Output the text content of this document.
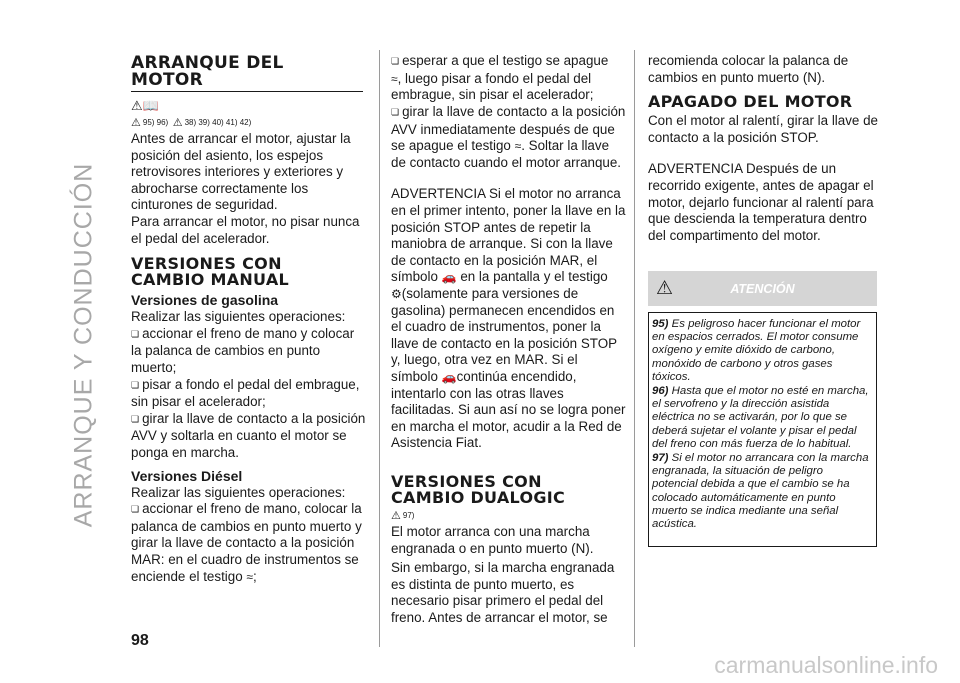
ARRANQUE Y CONDUCCIÓN
98
carmanualsonline.info
ARRANQUE DEL MOTOR
⚠📖
⚠ 95) 96) ⚠ 38) 39) 40) 41) 42)
Antes de arrancar el motor, ajustar la posición del asiento, los espejos retrovisores interiores y exteriores y abrocharse correctamente los cinturones de seguridad.
Para arrancar el motor, no pisar nunca el pedal del acelerador.
VERSIONES CON CAMBIO MANUAL
Versiones de gasolina
Realizar las siguientes operaciones:
❏ accionar el freno de mano y colocar la palanca de cambios en punto muerto;
❏ pisar a fondo el pedal del embrague, sin pisar el acelerador;
❏ girar la llave de contacto a la posición AVV y soltarla en cuanto el motor se ponga en marcha.
Versiones Diésel
Realizar las siguientes operaciones:
❏ accionar el freno de mano, colocar la palanca de cambios en punto muerto y girar la llave de contacto a la posición MAR: en el cuadro de instrumentos se enciende el testigo ≈;
❏ esperar a que el testigo se apague
≈, luego pisar a fondo el pedal del embrague, sin pisar el acelerador;
❏ girar la llave de contacto a la posición AVV inmediatamente después de que se apague el testigo ≈. Soltar la llave de contacto cuando el motor arranque.
ADVERTENCIA Si el motor no arranca en el primer intento, poner la llave en la posición STOP antes de repetir la maniobra de arranque. Si con la llave de contacto en la posición MAR, el símbolo 🚗 en la pantalla y el testigo
⚙(solamente para versiones de gasolina) permanecen encendidos en el cuadro de instrumentos, poner la llave de contacto en la posición STOP y, luego, otra vez en MAR. Si el símbolo 🚗continúa encendido, intentarlo con las otras llaves facilitadas. Si aun así no se logra poner en marcha el motor, acudir a la Red de Asistencia Fiat.
VERSIONES CON CAMBIO DUALOGIC
⚠ 97)
El motor arranca con una marcha engranada o en punto muerto (N).
Sin embargo, si la marcha engranada es distinta de punto muerto, es necesario pisar primero el pedal del freno. Antes de arrancar el motor, se
recomienda colocar la palanca de cambios en punto muerto (N).
APAGADO DEL MOTOR
Con el motor al ralentí, girar la llave de contacto a la posición STOP.
ADVERTENCIA Después de un recorrido exigente, antes de apagar el motor, dejarlo funcionar al ralentí para que descienda la temperatura dentro del compartimento del motor.
⚠	ATENCIÓN
95) Es peligroso hacer funcionar el motor en espacios cerrados. El motor consume oxígeno y emite dióxido de carbono, monóxido de carbono y otros gases tóxicos.
96) Hasta que el motor no esté en marcha, el servofreno y la dirección asistida eléctrica no se activarán, por lo que se deberá sujetar el volante y pisar el pedal del freno con más fuerza de lo habitual.
97) Si el motor no arrancara con la marcha engranada, la situación de peligro potencial debida a que el cambio se ha colocado automáticamente en punto muerto se indica mediante una señal acústica.
